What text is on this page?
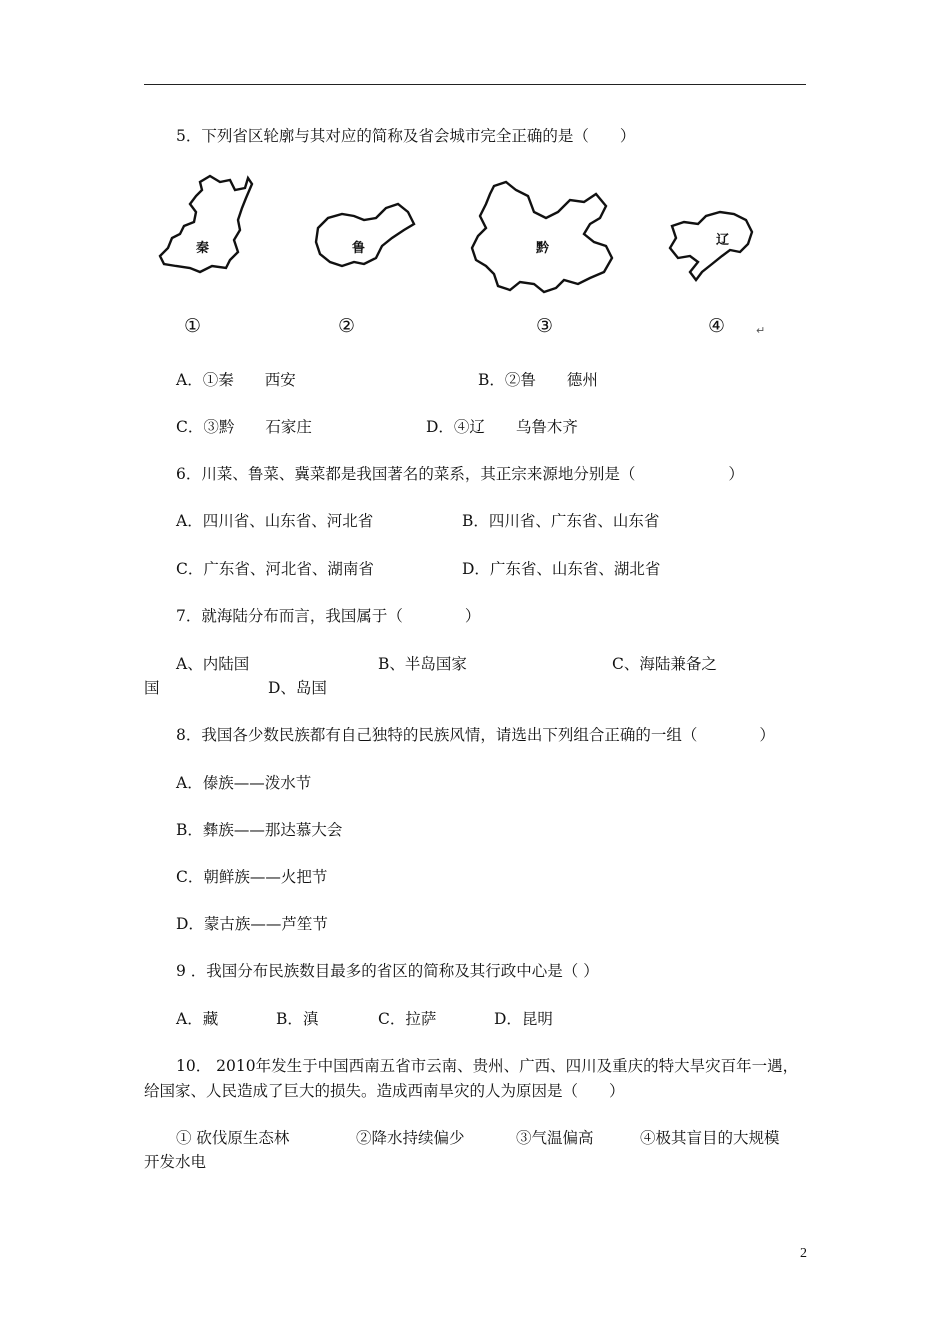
5．下列省区轮廓与其对应的简称及省会城市完全正确的是（　　）
秦	鲁	黔
辽
①	②	③	④	↵
A．①秦　　西安	B．②鲁　　德州
C．③黔　　石家庄	D．④辽　　乌鲁木齐
6．川菜、鲁菜、冀菜都是我国著名的菜系，其正宗来源地分别是（　　　　　　）
A．四川省、山东省、河北省	B．四川省、广东省、山东省
C．广东省、河北省、湖南省	D．广东省、山东省、湖北省
7．就海陆分布而言，我国属于（　　　　）
A、内陆国	B、半岛国家	C、海陆兼备之
国	D、岛国
8．我国各少数民族都有自己独特的民族风情，请选出下列组合正确的一组（　　　　）
A．傣族——泼水节
B．彝族——那达慕大会
C．朝鲜族——火把节
D．蒙古族——芦笙节
9 ．我国分布民族数目最多的省区的简称及其行政中心是（ ）
A．藏	B．滇	C．拉萨	D．昆明
10． 2010年发生于中国西南五省市云南、贵州、广西、四川及重庆的特大旱灾百年一遇，
给国家、人民造成了巨大的损失。造成西南旱灾的人为原因是（　　）
① 砍伐原生态林	②降水持续偏少	③气温偏高	④极其盲目的大规模
开发水电
2
